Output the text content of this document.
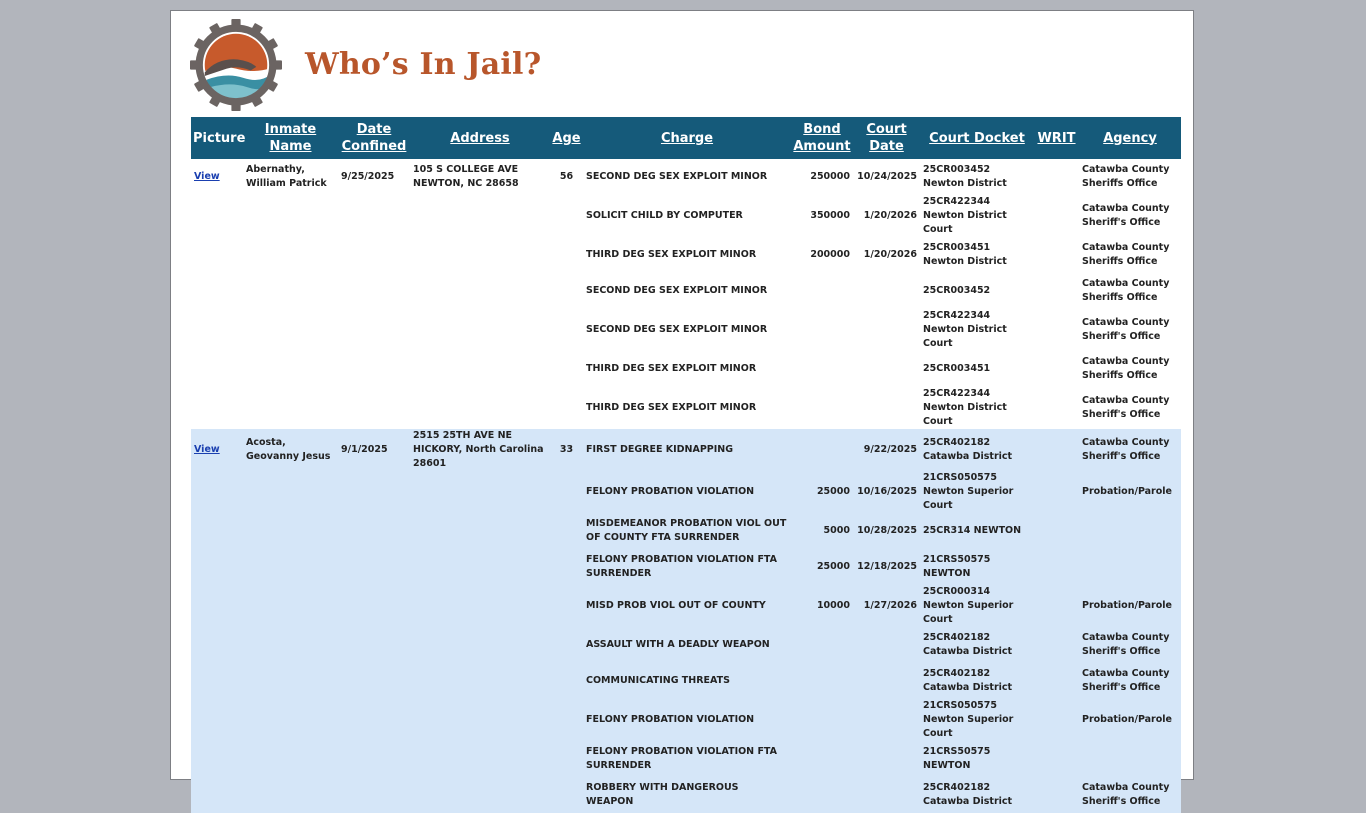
Who’s In Jail?
Picture	Inmate Name	Date Confined	Address	Age	Charge	Bond Amount	Court Date	Court Docket	WRIT	Agency
View	Abernathy, William Patrick	9/25/2025	105 S COLLEGE AVE NEWTON, NC 28658	56	SECOND DEG SEX EXPLOIT MINOR	250000	10/24/2025	25CR003452 Newton District		Catawba County Sheriffs Office
					SOLICIT CHILD BY COMPUTER	350000	1/20/2026	25CR422344 Newton District Court		Catawba County Sheriff's Office
					THIRD DEG SEX EXPLOIT MINOR	200000	1/20/2026	25CR003451 Newton District		Catawba County Sheriffs Office
					SECOND DEG SEX EXPLOIT MINOR			25CR003452		Catawba County Sheriffs Office
					SECOND DEG SEX EXPLOIT MINOR			25CR422344 Newton District Court		Catawba County Sheriff's Office
					THIRD DEG SEX EXPLOIT MINOR			25CR003451		Catawba County Sheriffs Office
					THIRD DEG SEX EXPLOIT MINOR			25CR422344 Newton District Court		Catawba County Sheriff's Office
View	Acosta, Geovanny Jesus	9/1/2025	2515 25TH AVE NE HICKORY, North Carolina 28601	33	FIRST DEGREE KIDNAPPING		9/22/2025	25CR402182 Catawba District		Catawba County Sheriff's Office
					FELONY PROBATION VIOLATION	25000	10/16/2025	21CRS050575 Newton Superior Court		Probation/Parole
					MISDEMEANOR PROBATION VIOL OUT OF COUNTY FTA SURRENDER	5000	10/28/2025	25CR314 NEWTON		
					FELONY PROBATION VIOLATION FTA SURRENDER	25000	12/18/2025	21CRS50575 NEWTON		
					MISD PROB VIOL OUT OF COUNTY	10000	1/27/2026	25CR000314 Newton Superior Court		Probation/Parole
					ASSAULT WITH A DEADLY WEAPON			25CR402182 Catawba District		Catawba County Sheriff's Office
					COMMUNICATING THREATS			25CR402182 Catawba District		Catawba County Sheriff's Office
					FELONY PROBATION VIOLATION			21CRS050575 Newton Superior Court		Probation/Parole
					FELONY PROBATION VIOLATION FTA SURRENDER			21CRS50575 NEWTON		
					ROBBERY WITH DANGEROUS WEAPON			25CR402182 Catawba District		Catawba County Sheriff's Office
